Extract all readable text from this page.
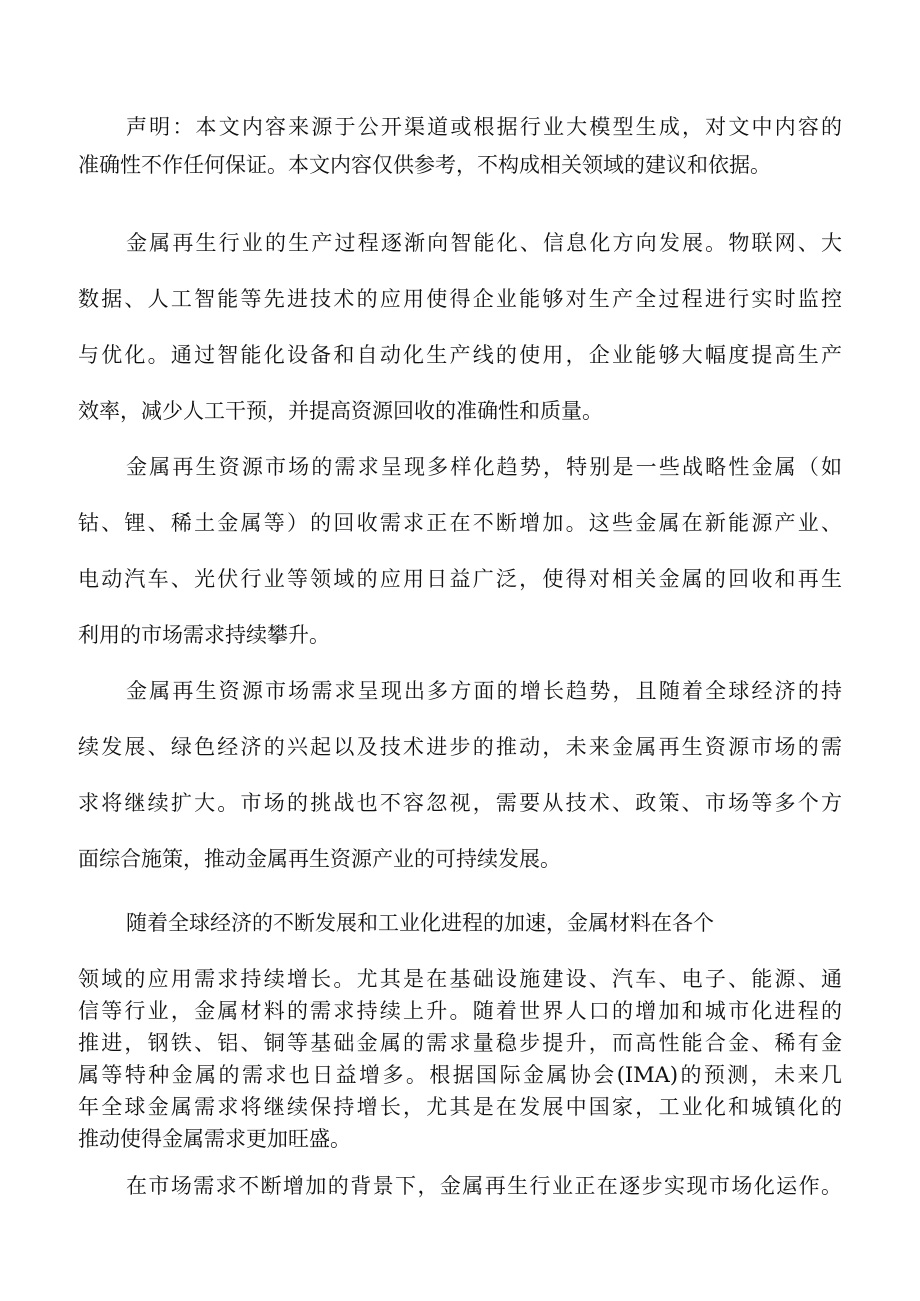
声明：本文内容来源于公开渠道或根据行业大模型生成，对文中内容的
准确性不作任何保证。本文内容仅供参考，不构成相关领域的建议和依据。
金属再生行业的生产过程逐渐向智能化、信息化方向发展。物联网、大
数据、人工智能等先进技术的应用使得企业能够对生产全过程进行实时监控
与优化。通过智能化设备和自动化生产线的使用，企业能够大幅度提高生产
效率，减少人工干预，并提高资源回收的准确性和质量。
金属再生资源市场的需求呈现多样化趋势，特别是一些战略性金属（如
钴、锂、稀土金属等）的回收需求正在不断增加。这些金属在新能源产业、
电动汽车、光伏行业等领域的应用日益广泛，使得对相关金属的回收和再生
利用的市场需求持续攀升。
金属再生资源市场需求呈现出多方面的增长趋势，且随着全球经济的持
续发展、绿色经济的兴起以及技术进步的推动，未来金属再生资源市场的需
求将继续扩大。市场的挑战也不容忽视，需要从技术、政策、市场等多个方
面综合施策，推动金属再生资源产业的可持续发展。
随着全球经济的不断发展和工业化进程的加速，金属材料在各个
领域的应用需求持续增长。尤其是在基础设施建设、汽车、电子、能源、通
信等行业，金属材料的需求持续上升。随着世界人口的增加和城市化进程的
推进，钢铁、铝、铜等基础金属的需求量稳步提升，而高性能合金、稀有金
属等特种金属的需求也日益增多。根据国际金属协会(IMA)的预测，未来几
年全球金属需求将继续保持增长，尤其是在发展中国家，工业化和城镇化的
推动使得金属需求更加旺盛。
在市场需求不断增加的背景下，金属再生行业正在逐步实现市场化运作。
